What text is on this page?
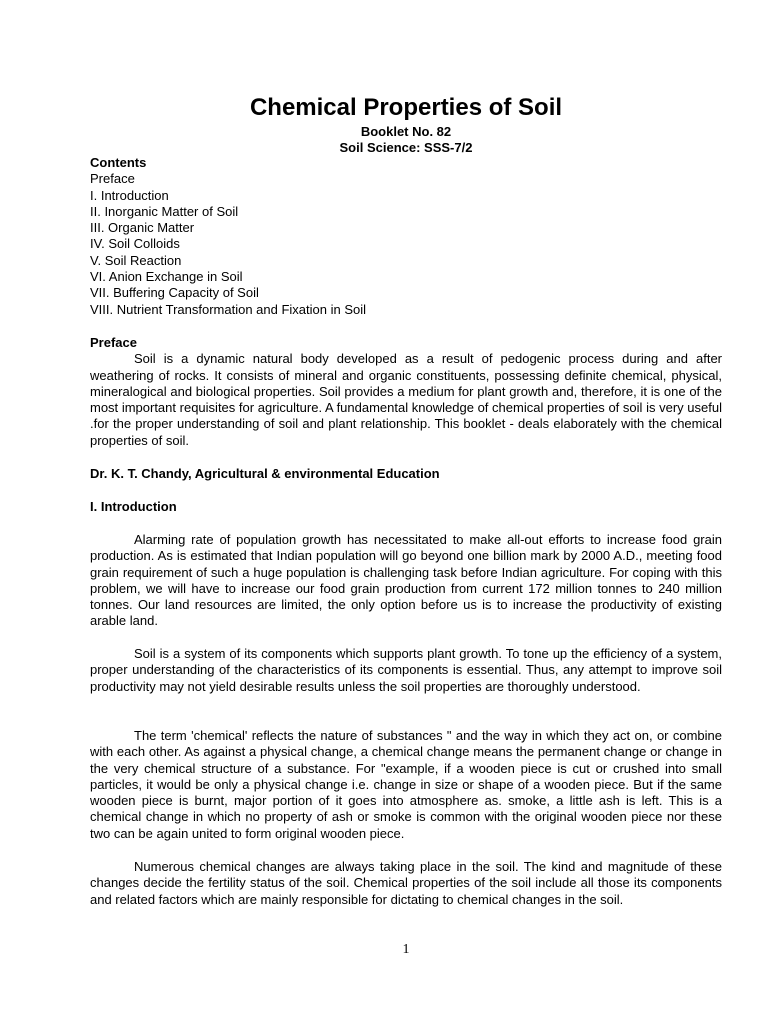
Chemical Properties of Soil

Booklet No. 82

Soil Science: SSS-7/2

Contents

Preface
I. Introduction
II. Inorganic Matter of Soil
III. Organic Matter
IV. Soil Colloids
V. Soil Reaction
VI. Anion Exchange in Soil
VII. Buffering Capacity of Soil
VIII. Nutrient Transformation and Fixation in Soil

Preface

Soil is a dynamic natural body developed as a result of pedogenic process during and after weathering of rocks. It consists of mineral and organic constituents, possessing definite chemical, physical, mineralogical and biological properties. Soil provides a medium for plant growth and, therefore, it is one of the most important requisites for agriculture. A fundamental knowledge of chemical properties of soil is very useful .for the proper understanding of soil and plant relationship. This booklet - deals elaborately with the chemical properties of soil.

Dr. K. T. Chandy, Agricultural & environmental Education

I. Introduction

Alarming rate of population growth has necessitated to make all-out efforts to increase food grain production. As is estimated that Indian population will go beyond one billion mark by 2000 A.D., meeting food grain requirement of such a huge population is challenging task before Indian agriculture. For coping with this problem, we will have to increase our food grain production from current 172 million tonnes to 240 million tonnes. Our land resources are limited, the only option before us is to increase the productivity of existing arable land.

Soil is a system of its components which supports plant growth. To tone up the efficiency of a system, proper understanding of the characteristics of its components is essential. Thus, any attempt to improve soil productivity may not yield desirable results unless the soil properties are thoroughly understood.

The term 'chemical' reflects the nature of substances " and the way in which they act on, or combine with each other. As against a physical change, a chemical change means the permanent change or change in the very chemical structure of a substance. For "example, if a wooden piece is cut or crushed into small particles, it would be only a physical change i.e. change in size or shape of a wooden piece. But if the same wooden piece is burnt, major portion of it goes into atmosphere as. smoke, a little ash is left. This is a chemical change in which no property of ash or smoke is common with the original wooden piece nor these two can be again united to form original wooden piece.

Numerous chemical changes are always taking place in the soil. The kind and magnitude of these changes decide the fertility status of the soil. Chemical properties of the soil include all those its components and related factors which are mainly responsible for dictating to chemical changes in the soil.

1
